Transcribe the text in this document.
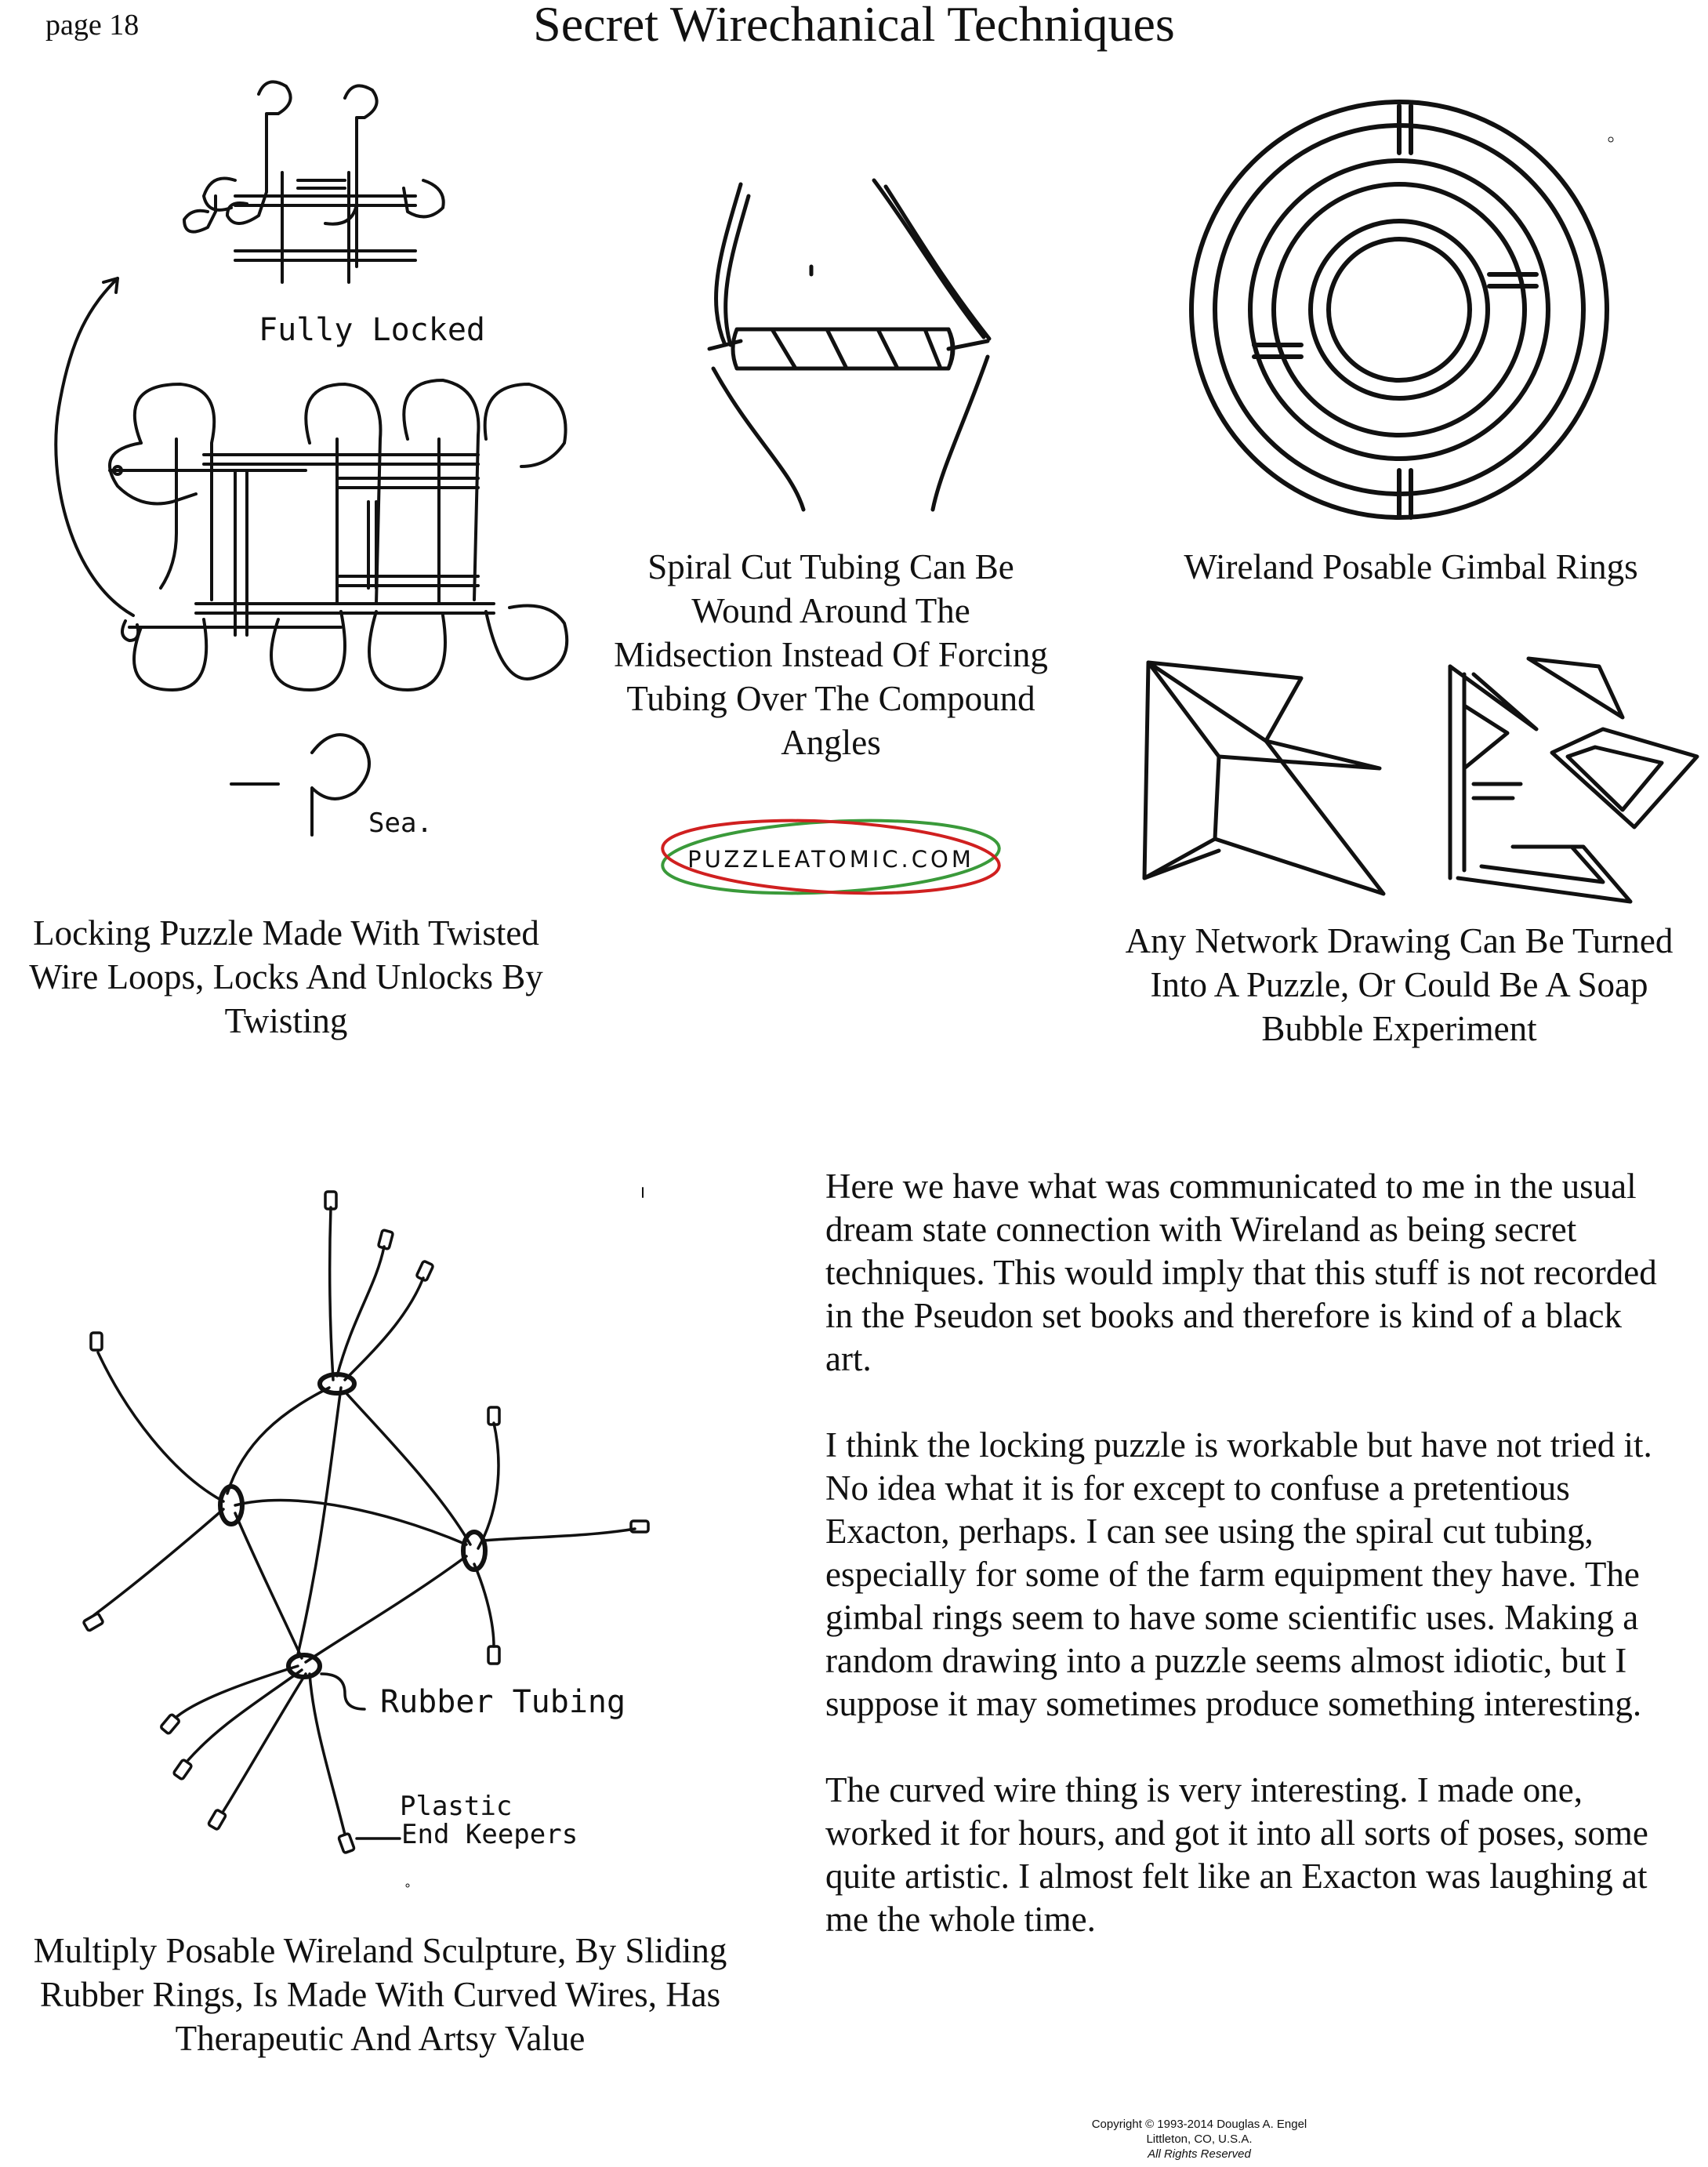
page 18	Secret Wirechanical Techniques
Fully Locked
Sea.
Locking Puzzle Made With Twisted Wire Loops, Locks And Unlocks By Twisting
Spiral Cut Tubing Can Be Wound Around The Midsection Instead Of Forcing Tubing Over The Compound Angles
PUZZLEATOMIC.COM
Wireland Posable Gimbal Rings
Any Network Drawing Can Be Turned Into A Puzzle, Or Could Be A Soap Bubble Experiment
Rubber Tubing
Plastic
End Keepers
Multiply Posable Wireland Sculpture, By Sliding Rubber Rings, Is Made With Curved Wires, Has Therapeutic And Artsy Value

Here we have what was communicated to me in the usual dream state connection with Wireland as being secret techniques. This would imply that this stuff is not recorded in the Pseudon set books and therefore is kind of a black art.

I think the locking puzzle is workable but have not tried it. No idea what it is for except to confuse a pretentious Exacton, perhaps. I can see using the spiral cut tubing, especially for some of the farm equipment they have. The gimbal rings seem to have some scientific uses. Making a random drawing into a puzzle seems almost idiotic, but I suppose it may sometimes produce something interesting.

The curved wire thing is very interesting. I made one, worked it for hours, and got it into all sorts of poses, some quite artistic. I almost felt like an Exacton was laughing at me the whole time.

Copyright © 1993-2014 Douglas A. Engel
Littleton, CO, U.S.A.
All Rights Reserved
